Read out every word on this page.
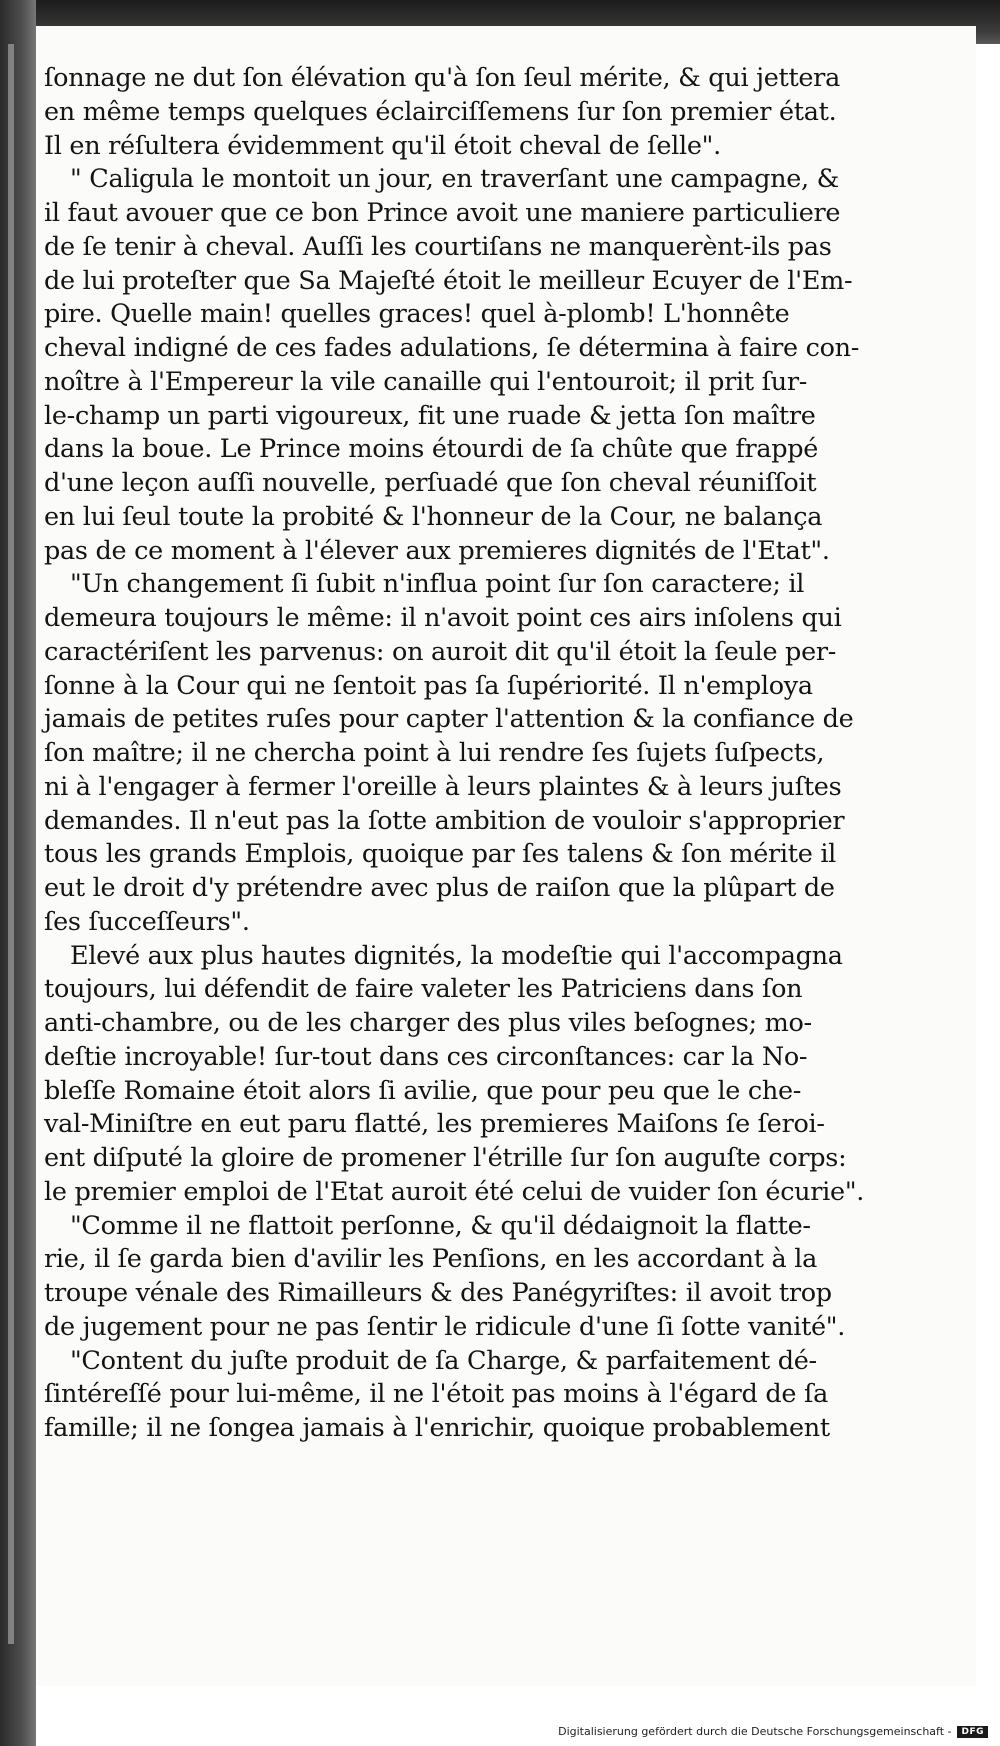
ſonnage ne dut ſon élévation qu'à ſon ſeul mérite, & qui jettera
en même temps quelques éclairciſſemens ſur ſon premier état.
Il en réſultera évidemment qu'il étoit cheval de ſelle".
" Caligula le montoit un jour, en traverſant une campagne, &
il faut avouer que ce bon Prince avoit une maniere particuliere
de ſe tenir à cheval. Auſſi les courtiſans ne manquerènt-ils pas
de lui proteſter que Sa Majeſté étoit le meilleur Ecuyer de l'Em-
pire. Quelle main! quelles graces! quel à-plomb! L'honnête
cheval indigné de ces fades adulations, ſe détermina à faire con-
noître à l'Empereur la vile canaille qui l'entouroit; il prit ſur-
le-champ un parti vigoureux, fit une ruade & jetta ſon maître
dans la boue. Le Prince moins étourdi de ſa chûte que frappé
d'une leçon auſſi nouvelle, perſuadé que ſon cheval réuniſſoit
en lui ſeul toute la probité & l'honneur de la Cour, ne balança
pas de ce moment à l'élever aux premieres dignités de l'Etat".
"Un changement ſi ſubit n'influa point ſur ſon caractere; il
demeura toujours le même: il n'avoit point ces airs inſolens qui
caractériſent les parvenus: on auroit dit qu'il étoit la ſeule per-
ſonne à la Cour qui ne ſentoit pas ſa ſupériorité. Il n'employa
jamais de petites ruſes pour capter l'attention & la confiance de
ſon maître; il ne chercha point à lui rendre ſes ſujets ſuſpects,
ni à l'engager à fermer l'oreille à leurs plaintes & à leurs juſtes
demandes. Il n'eut pas la ſotte ambition de vouloir s'approprier
tous les grands Emplois, quoique par ſes talens & ſon mérite il
eut le droit d'y prétendre avec plus de raiſon que la plûpart de
ſes ſucceſſeurs".
Elevé aux plus hautes dignités, la modeſtie qui l'accompagna
toujours, lui défendit de faire valeter les Patriciens dans ſon
anti-chambre, ou de les charger des plus viles beſognes; mo-
deſtie incroyable! ſur-tout dans ces circonſtances: car la No-
bleſſe Romaine étoit alors ſi avilie, que pour peu que le che-
val-Miniſtre en eut paru flatté, les premieres Maiſons ſe ſeroi-
ent diſputé la gloire de promener l'étrille ſur ſon auguſte corps:
le premier emploi de l'Etat auroit été celui de vuider ſon écurie".
"Comme il ne flattoit perſonne, & qu'il dédaignoit la flatte-
rie, il ſe garda bien d'avilir les Penſions, en les accordant à la
troupe vénale des Rimailleurs & des Panégyriſtes: il avoit trop
de jugement pour ne pas ſentir le ridicule d'une ſi ſotte vanité".
"Content du juſte produit de ſa Charge, & parfaitement dé-
ſintéreſſé pour lui-même, il ne l'étoit pas moins à l'égard de ſa
famille; il ne ſongea jamais à l'enrichir, quoique probablement
Digitalisierung gefördert durch die Deutsche Forschungsgemeinschaft -	DFG
